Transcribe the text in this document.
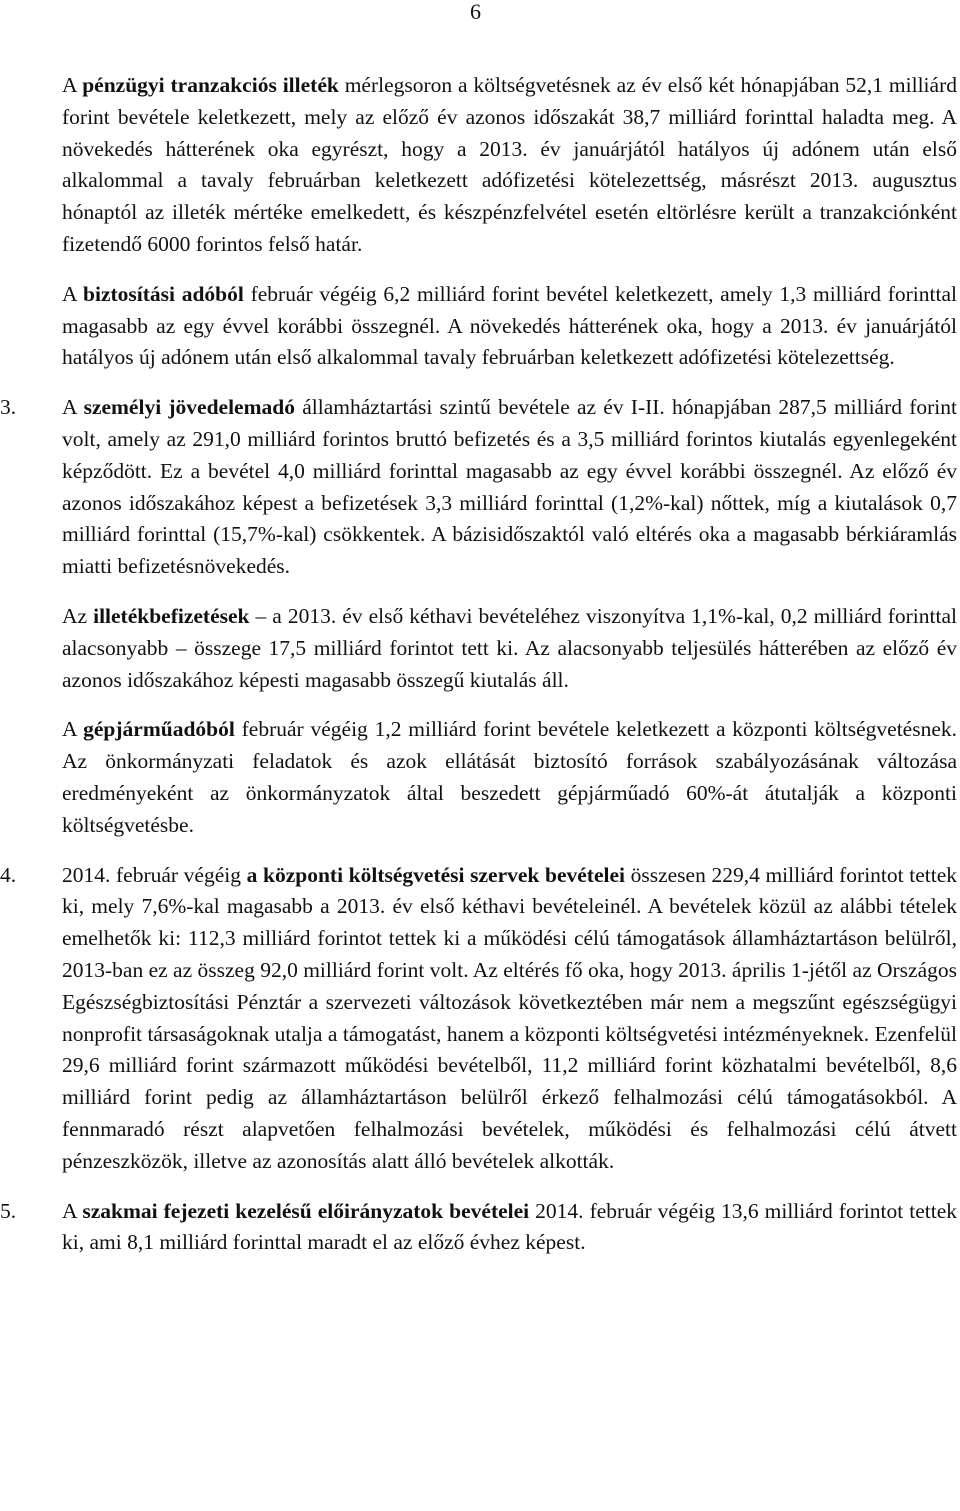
6

A pénzügyi tranzakciós illeték mérlegsoron a költségvetésnek az év első két hónapjában 52,1 milliárd forint bevétele keletkezett, mely az előző év azonos időszakát 38,7 milliárd forinttal haladta meg. A növekedés hátterének oka egyrészt, hogy a 2013. év januárjától hatályos új adónem után első alkalommal a tavaly februárban keletkezett adófizetési kötelezettség, másrészt 2013. augusztus hónaptól az illeték mértéke emelkedett, és készpénzfelvétel esetén eltörlésre került a tranzakciónként fizetendő 6000 forintos felső határ.

A biztosítási adóból február végéig 6,2 milliárd forint bevétel keletkezett, amely 1,3 milliárd forinttal magasabb az egy évvel korábbi összegnél. A növekedés hátterének oka, hogy a 2013. év januárjától hatályos új adónem után első alkalommal tavaly februárban keletkezett adófizetési kötelezettség.

3. A személyi jövedelemadó államháztartási szintű bevétele az év I-II. hónapjában 287,5 milliárd forint volt, amely az 291,0 milliárd forintos bruttó befizetés és a 3,5 milliárd forintos kiutalás egyenlegeként képződött. Ez a bevétel 4,0 milliárd forinttal magasabb az egy évvel korábbi összegnél. Az előző év azonos időszakához képest a befizetések 3,3 milliárd forinttal (1,2%-kal) nőttek, míg a kiutalások 0,7 milliárd forinttal (15,7%-kal) csökkentek. A bázisidőszaktól való eltérés oka a magasabb bérkiáramlás miatti befizetésnövekedés.

Az illetékbefizetések – a 2013. év első kéthavi bevételéhez viszonyítva 1,1%-kal, 0,2 milliárd forinttal alacsonyabb – összege 17,5 milliárd forintot tett ki. Az alacsonyabb teljesülés hátterében az előző év azonos időszakához képesti magasabb összegű kiutalás áll.

A gépjárműadóból február végéig 1,2 milliárd forint bevétele keletkezett a központi költségvetésnek. Az önkormányzati feladatok és azok ellátását biztosító források szabályozásának változása eredményeként az önkormányzatok által beszedett gépjárműadó 60%-át átutalják a központi költségvetésbe.

4. 2014. február végéig a központi költségvetési szervek bevételei összesen 229,4 milliárd forintot tettek ki, mely 7,6%-kal magasabb a 2013. év első kéthavi bevételeinél. A bevételek közül az alábbi tételek emelhetők ki: 112,3 milliárd forintot tettek ki a működési célú támogatások államháztartáson belülről, 2013-ban ez az összeg 92,0 milliárd forint volt. Az eltérés fő oka, hogy 2013. április 1-jétől az Országos Egészségbiztosítási Pénztár a szervezeti változások következtében már nem a megszűnt egészségügyi nonprofit társaságoknak utalja a támogatást, hanem a központi költségvetési intézményeknek. Ezenfelül 29,6 milliárd forint származott működési bevételből, 11,2 milliárd forint közhatalmi bevételből, 8,6 milliárd forint pedig az államháztartáson belülről érkező felhalmozási célú támogatásokból. A fennmaradó részt alapvetően felhalmozási bevételek, működési és felhalmozási célú átvett pénzeszközök, illetve az azonosítás alatt álló bevételek alkották.

5. A szakmai fejezeti kezelésű előirányzatok bevételei 2014. február végéig 13,6 milliárd forintot tettek ki, ami 8,1 milliárd forinttal maradt el az előző évhez képest.
